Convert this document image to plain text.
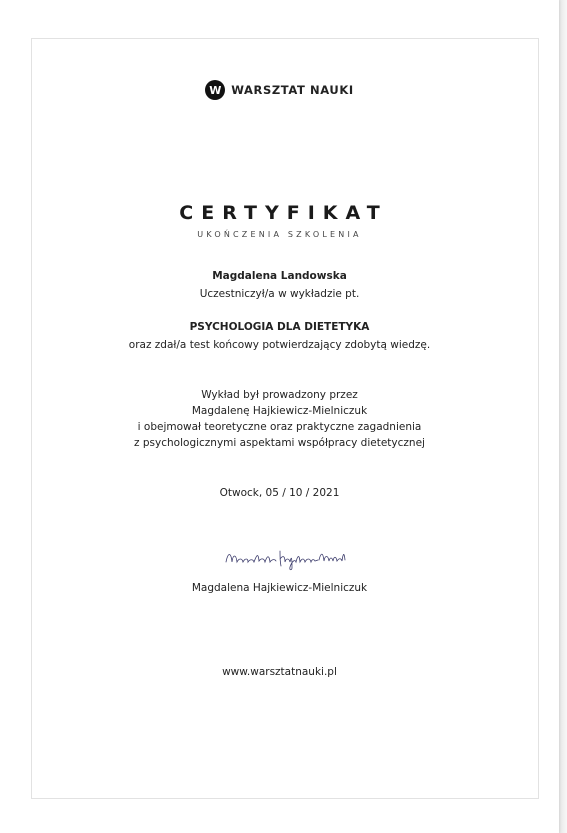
W WARSZTAT NAUKI
CERTYFIKAT
UKOŃCZENIA SZKOLENIA
Magdalena Landowska
Uczestniczył/a w wykładzie pt.
PSYCHOLOGIA DLA DIETETYKA
oraz zdał/a test końcowy potwierdzający zdobytą wiedzę.
Wykład był prowadzony przez
Magdalenę Hajkiewicz-Mielniczuk
i obejmował teoretyczne oraz praktyczne zagadnienia
z psychologicznymi aspektami współpracy dietetycznej
Otwock, 05 / 10 / 2021
Magdalena Hajkiewicz-Mielniczuk
www.warsztatnauki.pl
